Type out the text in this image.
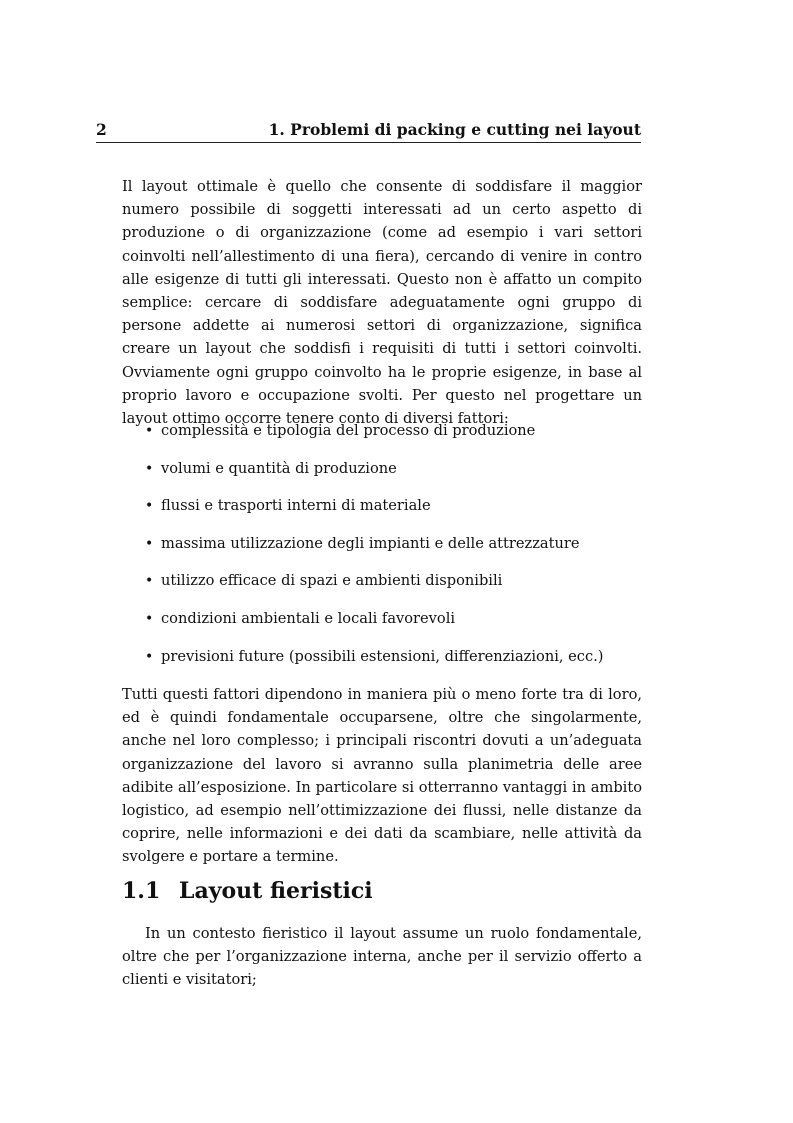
2	1. Problemi di packing e cutting nei layout

Il layout ottimale è quello che consente di soddisfare il maggior numero possibile di soggetti interessati ad un certo aspetto di produzione o di organizzazione (come ad esempio i vari settori coinvolti nell’allestimento di una fiera), cercando di venire in contro alle esigenze di tutti gli interessati. Questo non è affatto un compito semplice: cercare di soddisfare adeguatamente ogni gruppo di persone addette ai numerosi settori di organizzazione, significa creare un layout che soddisfi i requisiti di tutti i settori coinvolti. Ovviamente ogni gruppo coinvolto ha le proprie esigenze, in base al proprio lavoro e occupazione svolti. Per questo nel progettare un layout ottimo occorre tenere conto di diversi fattori:

• complessità e tipologia del processo di produzione
• volumi e quantità di produzione
• flussi e trasporti interni di materiale
• massima utilizzazione degli impianti e delle attrezzature
• utilizzo efficace di spazi e ambienti disponibili
• condizioni ambientali e locali favorevoli
• previsioni future (possibili estensioni, differenziazioni, ecc.)

Tutti questi fattori dipendono in maniera più o meno forte tra di loro, ed è quindi fondamentale occuparsene, oltre che singolarmente, anche nel loro complesso; i principali riscontri dovuti a un’adeguata organizzazione del lavoro si avranno sulla planimetria delle aree adibite all’esposizione. In particolare si otterranno vantaggi in ambito logistico, ad esempio nell’ottimizzazione dei flussi, nelle distanze da coprire, nelle informazioni e dei dati da scambiare, nelle attività da svolgere e portare a termine.

1.1 Layout fieristici

In un contesto fieristico il layout assume un ruolo fondamentale, oltre che per l’organizzazione interna, anche per il servizio offerto a clienti e visitatori;
